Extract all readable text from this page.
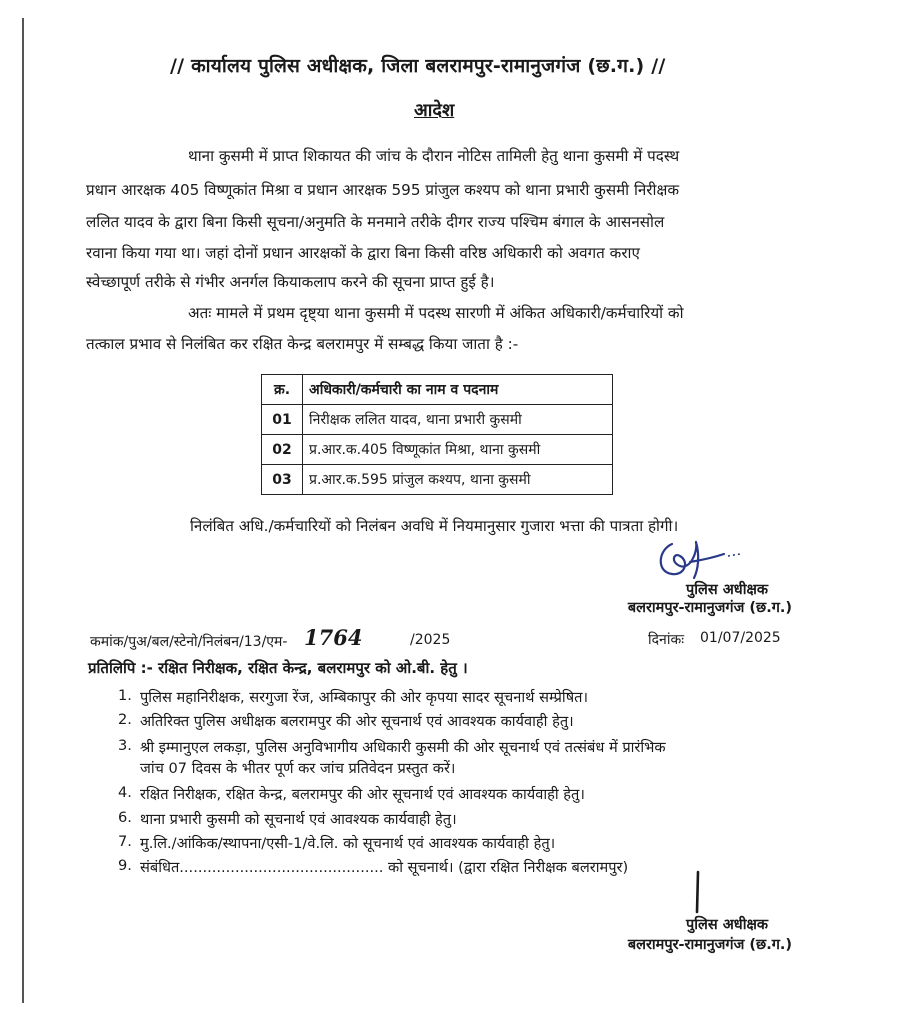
// कार्यालय पुलिस अधीक्षक, जिला बलरामपुर-रामानुजगंज (छ.ग.) //
आदेश
थाना कुसमी में प्राप्त शिकायत की जांच के दौरान नोटिस तामिली हेतु थाना कुसमी में पदस्थ
प्रधान आरक्षक 405 विष्णूकांत मिश्रा व प्रधान आरक्षक 595 प्रांजुल कश्यप को थाना प्रभारी कुसमी निरीक्षक
ललित यादव के द्वारा बिना किसी सूचना/अनुमति के मनमाने तरीके दीगर राज्य पश्चिम बंगाल के आसनसोल
रवाना किया गया था। जहां दोनों प्रधान आरक्षकों के द्वारा बिना किसी वरिष्ठ अधिकारी को अवगत कराए
स्वेच्छापूर्ण तरीके से गंभीर अनर्गल कियाकलाप करने की सूचना प्राप्त हुई है।
अतः मामले में प्रथम दृष्ट्या थाना कुसमी में पदस्थ सारणी में अंकित अधिकारी/कर्मचारियों को
तत्काल प्रभाव से निलंबित कर रक्षित केन्द्र बलरामपुर में सम्बद्ध किया जाता है :-
क्र.	अधिकारी/कर्मचारी का नाम व पदनाम
01	निरीक्षक ललित यादव, थाना प्रभारी कुसमी
02	प्र.आर.क.405 विष्णूकांत मिश्रा, थाना कुसमी
03	प्र.आर.क.595 प्रांजुल कश्यप, थाना कुसमी
निलंबित अधि./कर्मचारियों को निलंबन अवधि में नियमानुसार गुजारा भत्ता की पात्रता होगी।
पुलिस अधीक्षक
बलरामपुर-रामानुजगंज (छ.ग.)
कमांक/पुअ/बल/स्टेनो/निलंबन/13/एम- 1764	/2025	दिनांकः 01/07/2025
प्रतिलिपि :- रक्षित निरीक्षक, रक्षित केन्द्र, बलरामपुर को ओ.बी. हेतु ।
1. पुलिस महानिरीक्षक, सरगुजा रेंज, अम्बिकापुर की ओर कृपया सादर सूचनार्थ सम्प्रेषित।
2. अतिरिक्त पुलिस अधीक्षक बलरामपुर की ओर सूचनार्थ एवं आवश्यक कार्यवाही हेतु।
3. श्री इम्मानुएल लकड़ा, पुलिस अनुविभागीय अधिकारी कुसमी की ओर सूचनार्थ एवं तत्संबंध में प्रारंभिक
जांच 07 दिवस के भीतर पूर्ण कर जांच प्रतिवेदन प्रस्तुत करें।
4. रक्षित निरीक्षक, रक्षित केन्द्र, बलरामपुर की ओर सूचनार्थ एवं आवश्यक कार्यवाही हेतु।
6. थाना प्रभारी कुसमी को सूचनार्थ एवं आवश्यक कार्यवाही हेतु।
7. मु.लि./आंकिक/स्थापना/एसी-1/वे.लि. को सूचनार्थ एवं आवश्यक कार्यवाही हेतु।
9. संबंधित............................................ को सूचनार्थ। (द्वारा रक्षित निरीक्षक बलरामपुर)
पुलिस अधीक्षक
बलरामपुर-रामानुजगंज (छ.ग.)
